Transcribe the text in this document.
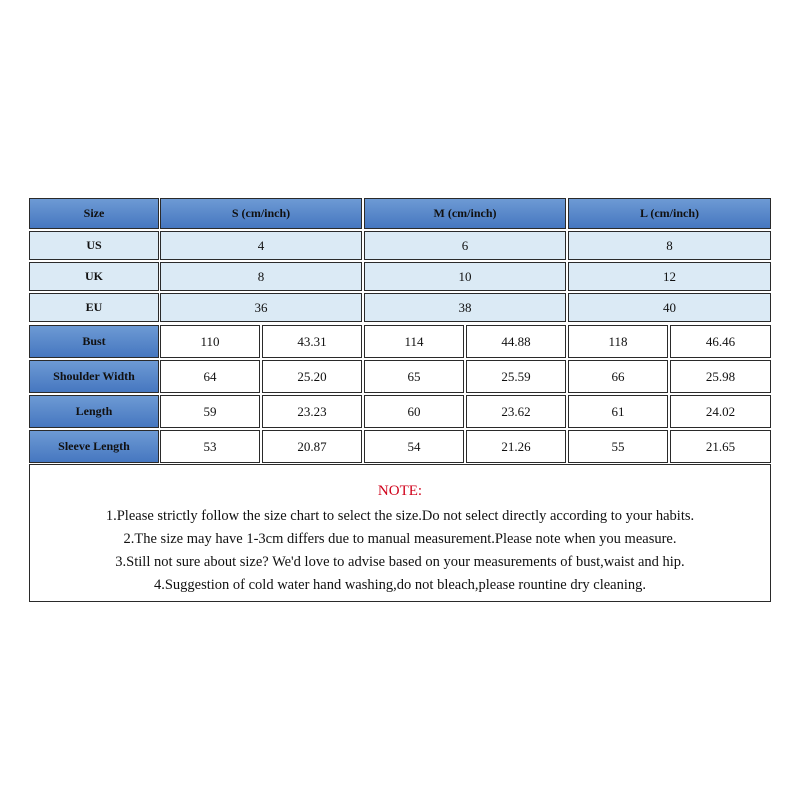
Size	S (cm/inch)	M (cm/inch)	L (cm/inch)
US	4	6	8
UK	8	10	12
EU	36	38	40
Bust	110	43.31	114	44.88	118	46.46
Shoulder Width	64	25.20	65	25.59	66	25.98
Length	59	23.23	60	23.62	61	24.02
Sleeve Length	53	20.87	54	21.26	55	21.65
NOTE:
1.Please strictly follow the size chart to select the size.Do not select directly according to your habits.
2.The size may have 1-3cm differs due to manual measurement.Please note when you measure.
3.Still not sure about size? We'd love to advise based on your measurements of bust,waist and hip.
4.Suggestion of cold water hand washing,do not bleach,please rountine dry cleaning.
